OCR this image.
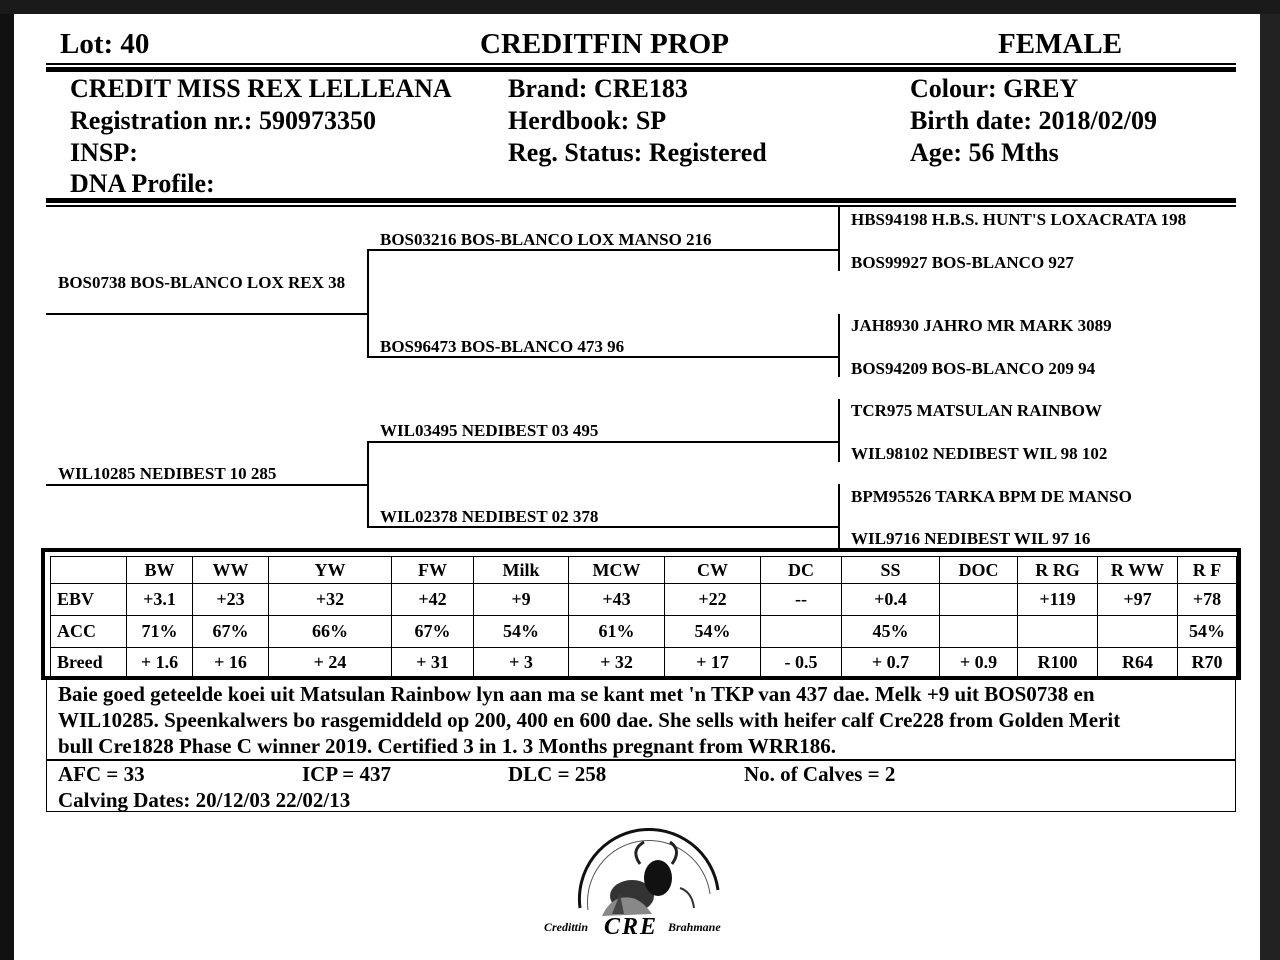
Lot: 40	CREDITFIN PROP	FEMALE
CREDIT MISS REX LELLEANA
Registration nr.: 590973350
INSP:
DNA Profile:
Brand: CRE183
Herdbook: SP
Reg. Status: Registered
Colour: GREY
Birth date: 2018/02/09
Age: 56 Mths
BOS0738 BOS-BLANCO LOX REX 38
WIL10285 NEDIBEST 10 285
BOS03216 BOS-BLANCO LOX MANSO 216
BOS96473 BOS-BLANCO 473 96
WIL03495 NEDIBEST 03 495
WIL02378 NEDIBEST 02 378
HBS94198 H.B.S. HUNT'S LOXACRATA 198
BOS99927 BOS-BLANCO 927
JAH8930 JAHRO MR MARK 3089
BOS94209 BOS-BLANCO 209 94
TCR975 MATSULAN RAINBOW
WIL98102 NEDIBEST WIL 98 102
BPM95526 TARKA BPM DE MANSO
WIL9716 NEDIBEST WIL 97 16
	BW	WW	YW	FW	Milk	MCW	CW	DC	SS	DOC	R RG	R WW	R F
EBV	+3.1	+23	+32	+42	+9	+43	+22	--	+0.4		+119	+97	+78
ACC	71%	67%	66%	67%	54%	61%	54%		45%				54%
Breed	+ 1.6	+ 16	+ 24	+ 31	+ 3	+ 32	+ 17	- 0.5	+ 0.7	+ 0.9	R100	R64	R70
Baie goed geteelde koei uit Matsulan Rainbow lyn aan ma se kant met 'n TKP van 437 dae. Melk +9 uit BOS0738 en
WIL10285. Speenkalwers bo rasgemiddeld op 200, 400 en 600 dae. She sells with heifer calf Cre228 from Golden Merit
bull Cre1828 Phase C winner 2019. Certified 3 in 1. 3 Months pregnant from WRR186.
AFC = 33	ICP = 437	DLC = 258	No. of Calves = 2
Calving Dates: 20/12/03 22/02/13
Credittin CRE Brahmane
